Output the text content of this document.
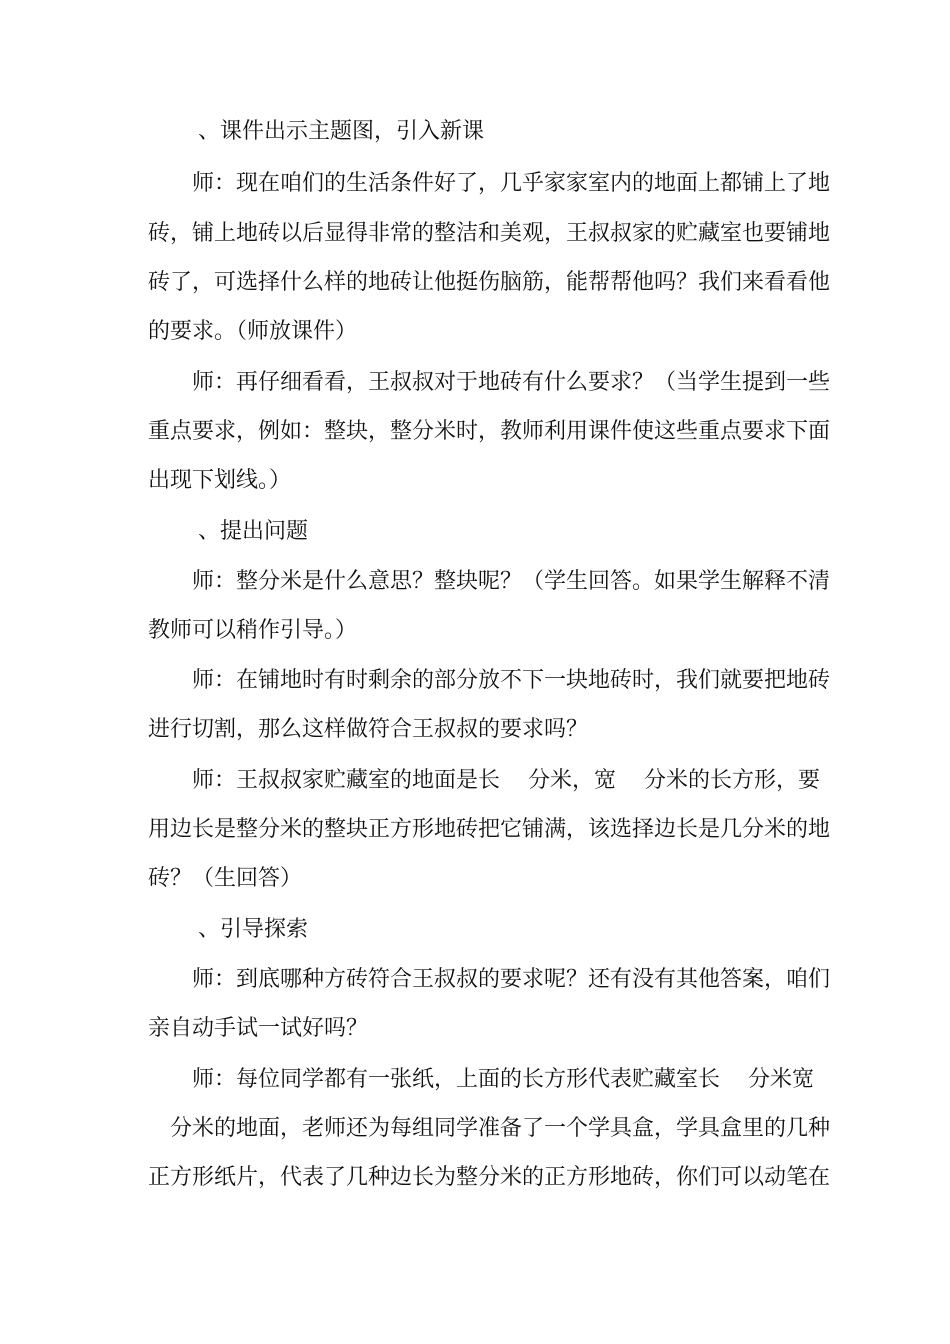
、课件出示主题图，引入新课
师：现在咱们的生活条件好了，几乎家家室内的地面上都铺上了地
砖，铺上地砖以后显得非常的整洁和美观，王叔叔家的贮藏室也要铺地
砖了，可选择什么样的地砖让他挺伤脑筋，能帮帮他吗？我们来看看他
的要求。（师放课件）
师：再仔细看看，王叔叔对于地砖有什么要求？（当学生提到一些
重点要求，例如：整块，整分米时，教师利用课件使这些重点要求下面
出现下划线。）
、提出问题
师：整分米是什么意思？整块呢？（学生回答。如果学生解释不清
教师可以稍作引导。）
师：在铺地时有时剩余的部分放不下一块地砖时，我们就要把地砖
进行切割，那么这样做符合王叔叔的要求吗？
师：王叔叔家贮藏室的地面是长    分米，宽    分米的长方形，要
用边长是整分米的整块正方形地砖把它铺满，该选择边长是几分米的地
砖？（生回答）
、引导探索
师：到底哪种方砖符合王叔叔的要求呢？还有没有其他答案，咱们
亲自动手试一试好吗？
师：每位同学都有一张纸，上面的长方形代表贮藏室长    分米宽
分米的地面，老师还为每组同学准备了一个学具盒，学具盒里的几种
正方形纸片，代表了几种边长为整分米的正方形地砖，你们可以动笔在
